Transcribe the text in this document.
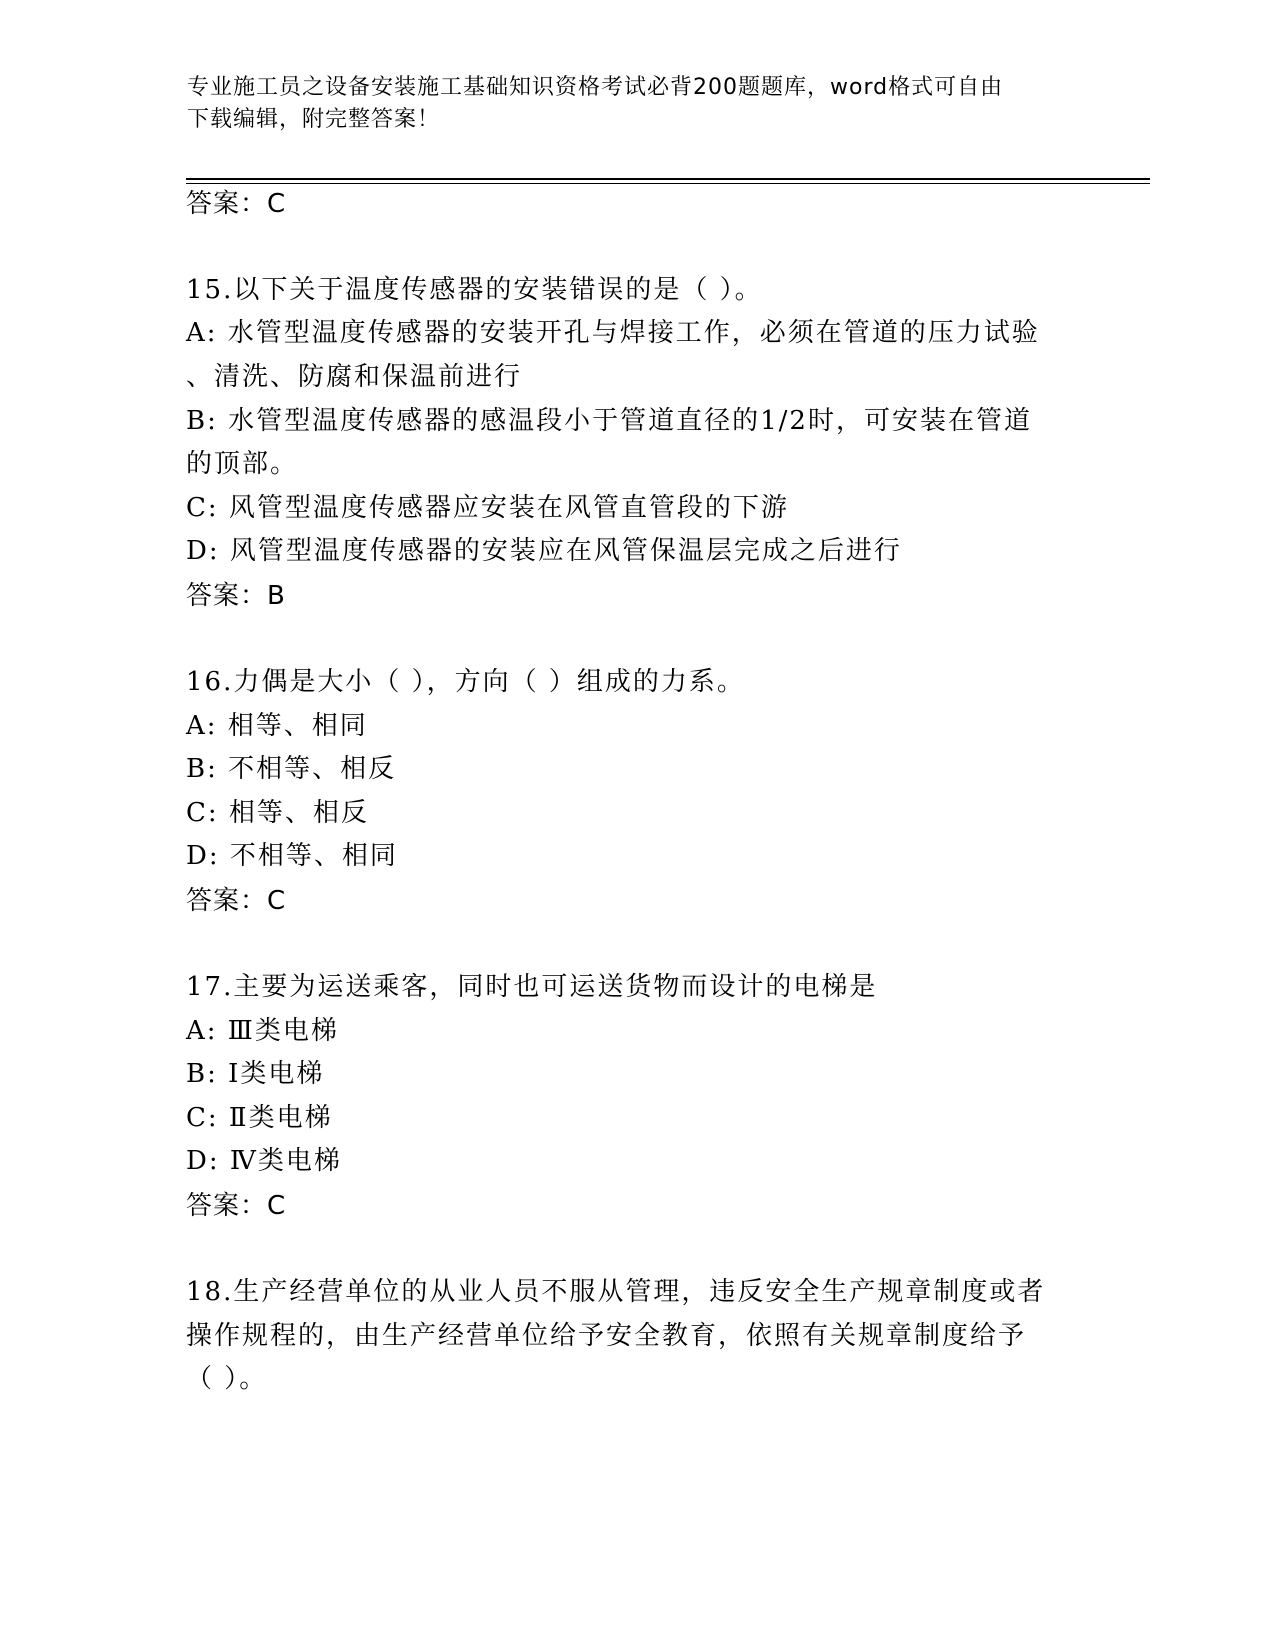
专业施工员之设备安装施工基础知识资格考试必背200题题库，word格式可自由
下载编辑，附完整答案！
答案：C
15.以下关于温度传感器的安装错误的是（ ）。
A: 水管型温度传感器的安装开孔与焊接工作，必须在管道的压力试验
、清洗、防腐和保温前进行
B: 水管型温度传感器的感温段小于管道直径的1/2时，可安装在管道
的顶部。
C: 风管型温度传感器应安装在风管直管段的下游
D: 风管型温度传感器的安装应在风管保温层完成之后进行
答案：B
16.力偶是大小（ ），方向（ ）组成的力系。
A: 相等、相同
B: 不相等、相反
C: 相等、相反
D: 不相等、相同
答案：C
17.主要为运送乘客，同时也可运送货物而设计的电梯是
A: Ⅲ类电梯
B: Ⅰ类电梯
C: Ⅱ类电梯
D: Ⅳ类电梯
答案：C
18.生产经营单位的从业人员不服从管理，违反安全生产规章制度或者
操作规程的，由生产经营单位给予安全教育，依照有关规章制度给予
（ ）。
